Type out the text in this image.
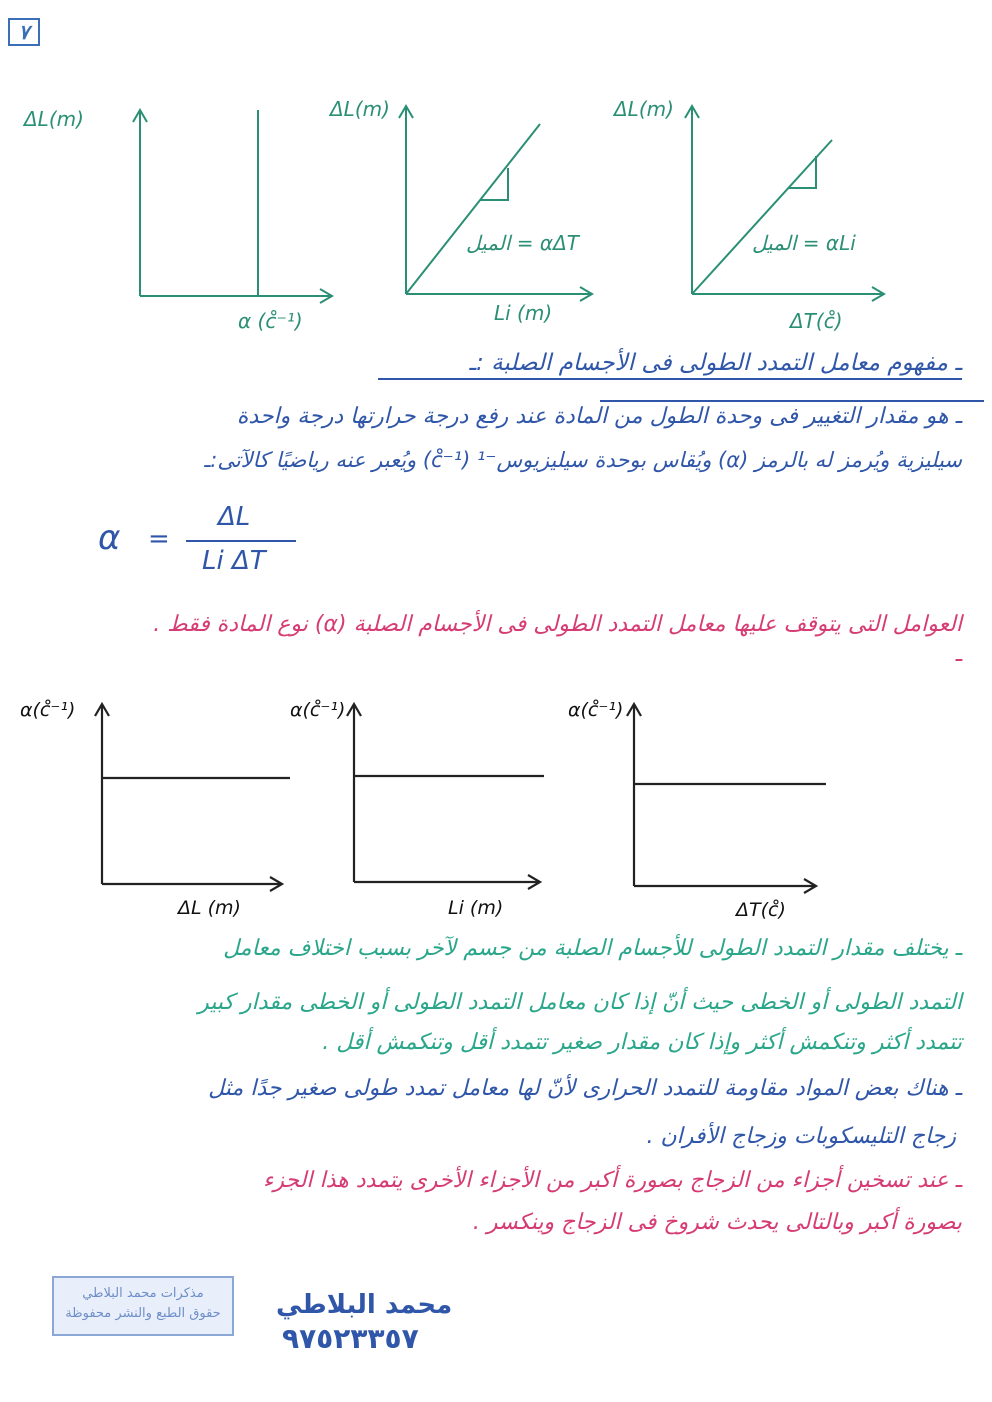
٧
ΔL(m)
α (c̊⁻¹)
ΔL(m)
Li (m)
الميل = αΔT
ΔL(m)
ΔT(c̊)
الميل = αLi
ـ مفهوم معامل التمدد الطولى فى الأجسام الصلبة :ـ
ـ هو مقدار التغيير فى وحدة الطول من المادة عند رفع درجة حرارتها درجة واحدة
سيليزية ويُرمز له بالرمز (α) ويُقاس بوحدة سيليزيوس⁻¹ (c̊⁻¹) ويُعبر عنه رياضيًا كالآتى:ـ
α =
ΔL
Li ΔT
العوامل التى يتوقف عليها معامل التمدد الطولى فى الأجسام الصلبة (α) نوع المادة فقط .
ـ
α(c̊⁻¹)
ΔL (m)
α(c̊⁻¹)
Li (m)
α(c̊⁻¹)
ΔT(c̊)
ـ يختلف مقدار التمدد الطولى للأجسام الصلبة من جسم لآخر بسبب اختلاف معامل
التمدد الطولى أو الخطى حيث أنّ إذا كان معامل التمدد الطولى أو الخطى مقدار كبير
تتمدد أكثر وتنكمش أكثر وإذا كان مقدار صغير تتمدد أقل وتنكمش أقل .
ـ هناك بعض المواد مقاومة للتمدد الحرارى لأنّ لها معامل تمدد طولى صغير جدًا مثل
زجاج التليسكوبات وزجاج الأفران .
ـ عند تسخين أجزاء من الزجاج بصورة أكبر من الأجزاء الأخرى يتمدد هذا الجزء
بصورة أكبر وبالتالى يحدث شروخ فى الزجاج وينكسر .
مذكرات محمد البلاطي
حقوق الطبع والنشر محفوظة	محمد البلاطي
٩٧٥٢٣٣٥٧
